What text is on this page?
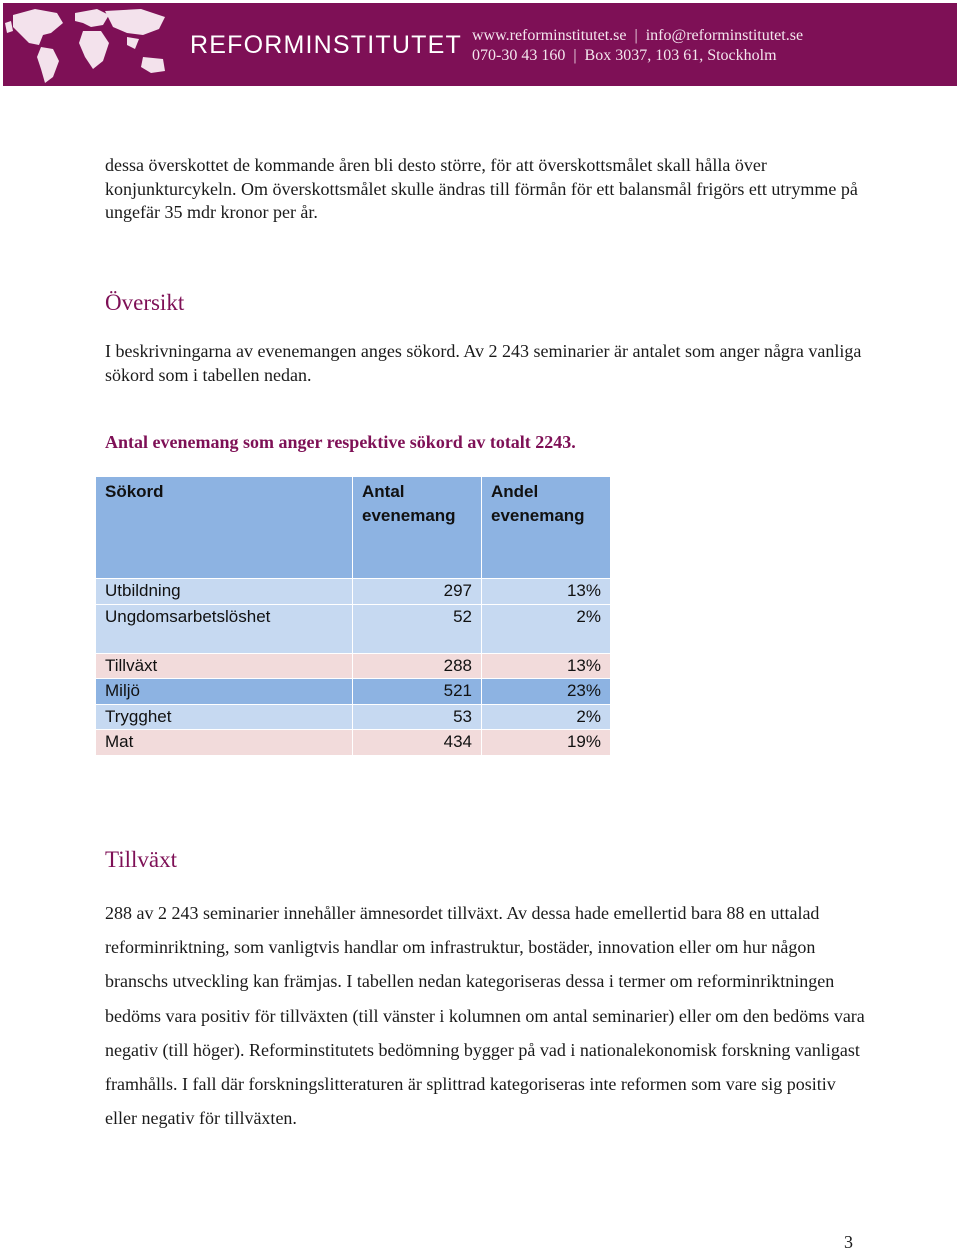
REFORMINSTITUTET www.reforminstitutet.se | info@reforminstitutet.se
070-30 43 160 | Box 3037, 103 61, Stockholm

dessa överskottet de kommande åren bli desto större, för att överskottsmålet skall hålla över konjunkturcykeln. Om överskottsmålet skulle ändras till förmån för ett balansmål frigörs ett utrymme på ungefär 35 mdr kronor per år.

Översikt

I beskrivningarna av evenemangen anges sökord. Av 2 243 seminarier är antalet som anger några vanliga sökord som i tabellen nedan.

Antal evenemang som anger respektive sökord av totalt 2243.

Sökord	Antal evenemang	Andel evenemang
Utbildning	297	13%
Ungdomsarbetslöshet	52	2%
Tillväxt	288	13%
Miljö	521	23%
Trygghet	53	2%
Mat	434	19%
Tillväxt

288 av 2 243 seminarier innehåller ämnesordet tillväxt. Av dessa hade emellertid bara 88 en uttalad reforminriktning, som vanligtvis handlar om infrastruktur, bostäder, innovation eller om hur någon branschs utveckling kan främjas. I tabellen nedan kategoriseras dessa i termer om reforminriktningen bedöms vara positiv för tillväxten (till vänster i kolumnen om antal seminarier) eller om den bedöms vara negativ (till höger). Reforminstitutets bedömning bygger på vad i nationalekonomisk forskning vanligast framhålls. I fall där forskningslitteraturen är splittrad kategoriseras inte reformen som vare sig positiv eller negativ för tillväxten.

3
